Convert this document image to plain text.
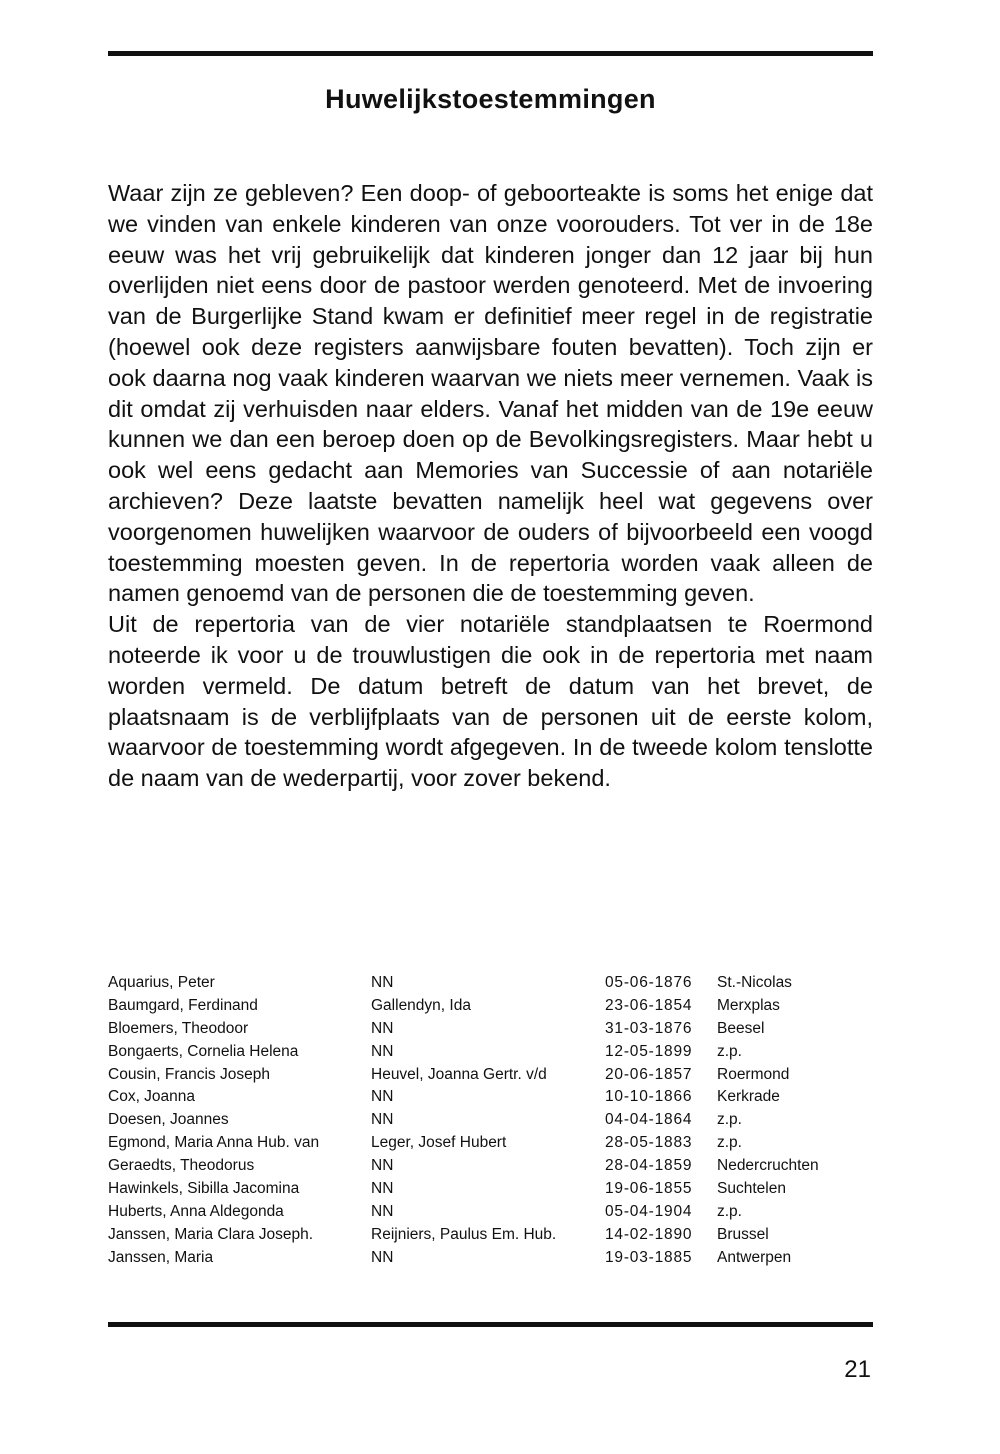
Huwelijkstoestemmingen

Waar zijn ze gebleven? Een doop- of geboorteakte is soms het enige dat we vinden van enkele kinderen van onze voorouders. Tot ver in de 18e eeuw was het vrij gebruikelijk dat kinderen jonger dan 12 jaar bij hun overlijden niet eens door de pastoor werden genoteerd. Met de invoering van de Burgerlijke Stand kwam er definitief meer regel in de registratie (hoewel ook deze registers aanwijsbare fouten bevatten). Toch zijn er ook daarna nog vaak kinderen waarvan we niets meer vernemen. Vaak is dit omdat zij verhuisden naar elders. Vanaf het midden van de 19e eeuw kunnen we dan een beroep doen op de Bevolkingsregisters. Maar hebt u ook wel eens gedacht aan Memories van Successie of aan notariële archieven? Deze laatste bevatten namelijk heel wat gegevens over voorgenomen huwelijken waarvoor de ouders of bijvoorbeeld een voogd toestemming moesten geven. In de repertoria worden vaak alleen de namen genoemd van de personen die de toestemming geven.

Uit de repertoria van de vier notariële standplaatsen te Roermond noteerde ik voor u de trouwlustigen die ook in de repertoria met naam worden vermeld. De datum betreft de datum van het brevet, de plaatsnaam is de verblijfplaats van de personen uit de eerste kolom, waarvoor de toestemming wordt afgegeven. In de tweede kolom tenslotte de naam van de wederpartij, voor zover bekend.

Aquarius, Peter	NN	05-06-1876 St.-Nicolas
Baumgard, Ferdinand	Gallendyn, Ida	23-06-1854 Merxplas
Bloemers, Theodoor	NN	31-03-1876 Beesel
Bongaerts, Cornelia Helena	NN	12-05-1899 z.p.
Cousin, Francis Joseph	Heuvel, Joanna Gertr. v/d	20-06-1857 Roermond
Cox, Joanna	NN	10-10-1866 Kerkrade
Doesen, Joannes	NN	04-04-1864 z.p.
Egmond, Maria Anna Hub. van	Leger, Josef Hubert	28-05-1883 z.p.
Geraedts, Theodorus	NN	28-04-1859 Nedercruchten
Hawinkels, Sibilla Jacomina	NN	19-06-1855 Suchtelen
Huberts, Anna Aldegonda	NN	05-04-1904 z.p.
Janssen, Maria Clara Joseph.	Reijniers, Paulus Em. Hub.	14-02-1890 Brussel
Janssen, Maria	NN	19-03-1885 Antwerpen
21
